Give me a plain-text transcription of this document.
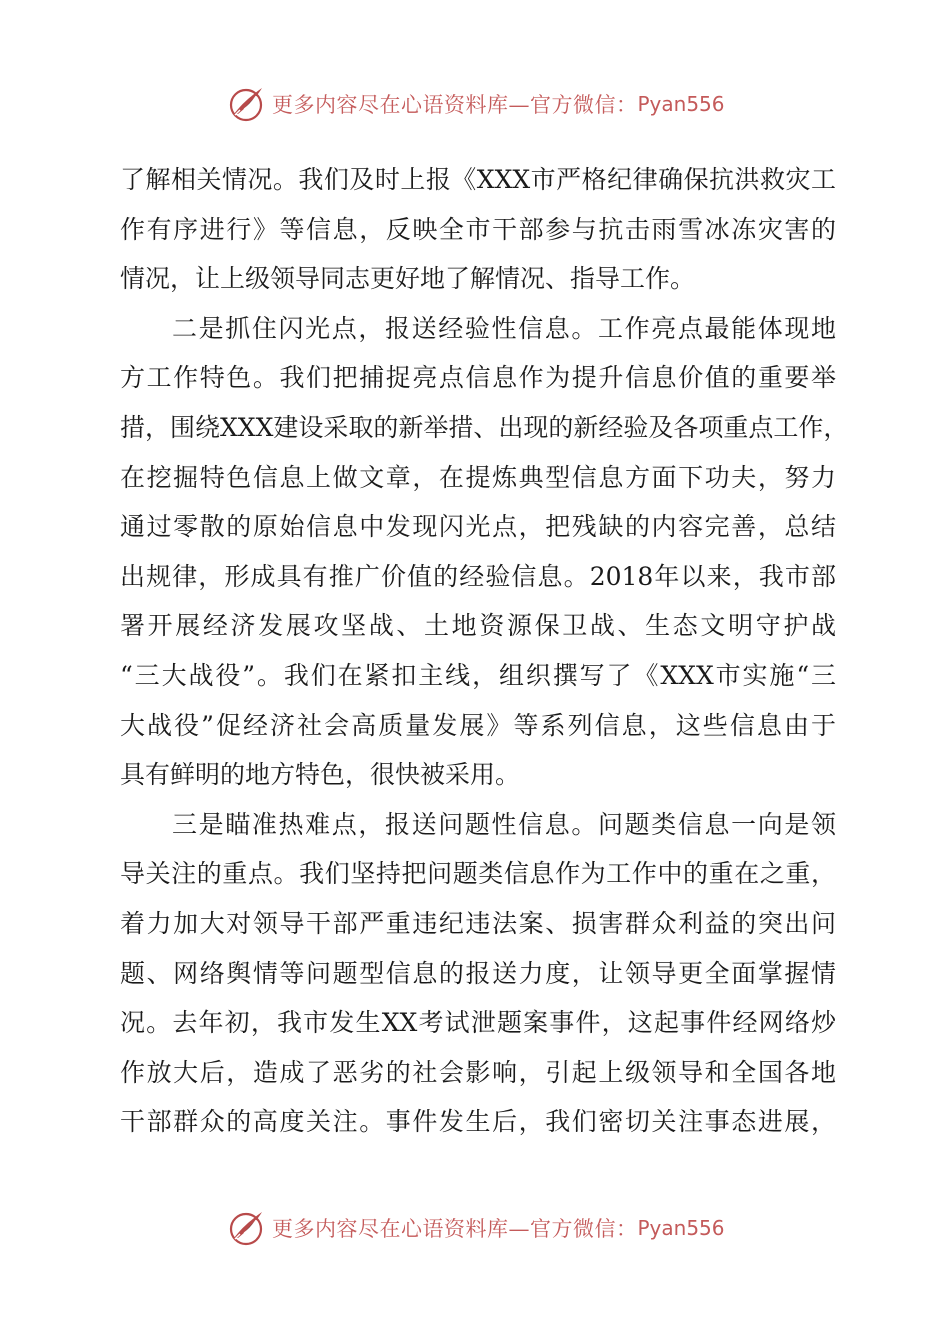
更多内容尽在心语资料库—官方微信： Pyan556
了解相关情况。我们及时上报《XXX市严格纪律确保抗洪救灾工
作有序进行》等信息，反映全市干部参与抗击雨雪冰冻灾害的
情况，让上级领导同志更好地了解情况、指导工作。
二是抓住闪光点，报送经验性信息。工作亮点最能体现地
方工作特色。我们把捕捉亮点信息作为提升信息价值的重要举
措，围绕XXX建设采取的新举措、出现的新经验及各项重点工作，
在挖掘特色信息上做文章，在提炼典型信息方面下功夫，努力
通过零散的原始信息中发现闪光点，把残缺的内容完善，总结
出规律，形成具有推广价值的经验信息。2018年以来，我市部
署开展经济发展攻坚战、土地资源保卫战、生态文明守护战
“三大战役”。我们在紧扣主线，组织撰写了《XXX市实施“三
大战役”促经济社会高质量发展》等系列信息，这些信息由于
具有鲜明的地方特色，很快被采用。
三是瞄准热难点，报送问题性信息。问题类信息一向是领
导关注的重点。我们坚持把问题类信息作为工作中的重在之重，
着力加大对领导干部严重违纪违法案、损害群众利益的突出问
题、网络舆情等问题型信息的报送力度，让领导更全面掌握情
况。去年初，我市发生XX考试泄题案事件，这起事件经网络炒
作放大后，造成了恶劣的社会影响，引起上级领导和全国各地
干部群众的高度关注。事件发生后，我们密切关注事态进展，
更多内容尽在心语资料库—官方微信： Pyan556
